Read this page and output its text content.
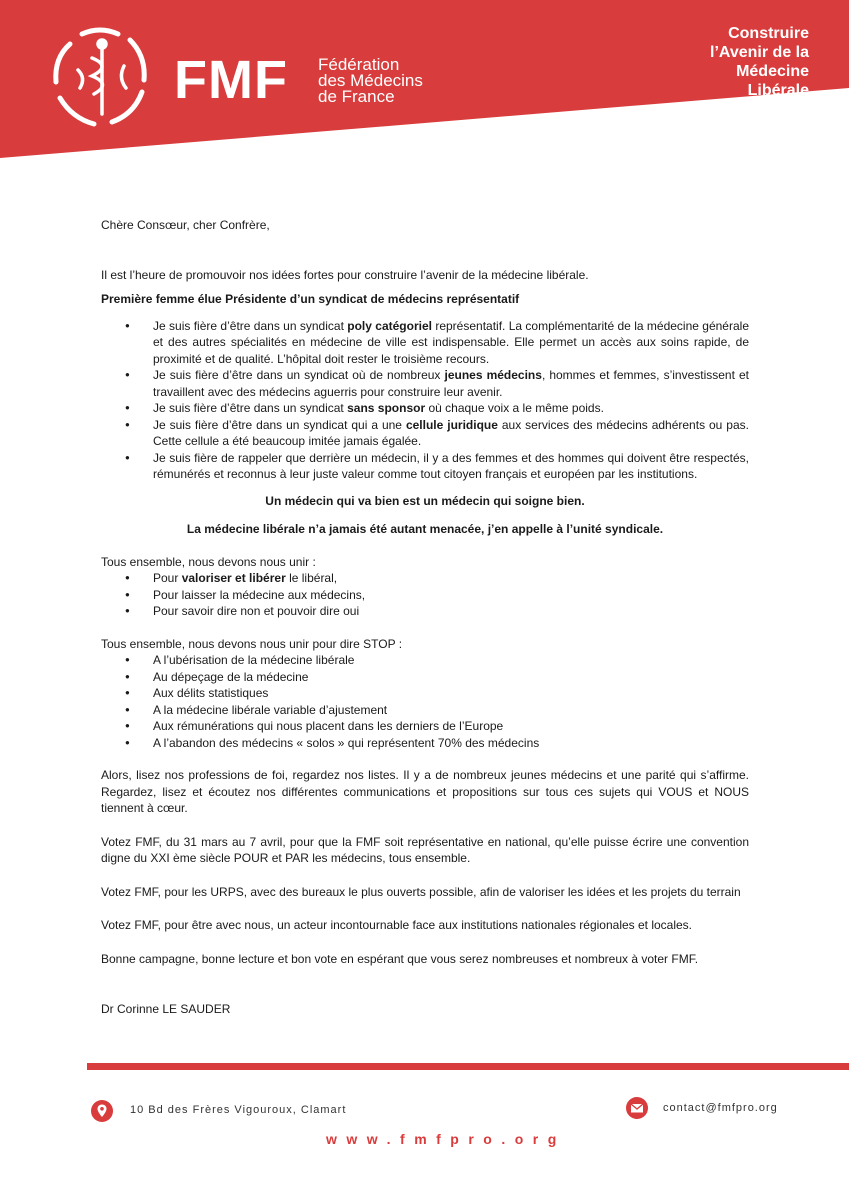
FMF Fédération
des Médecins
de France
Construire
l’Avenir de la
Médecine
Libérale

Chère Consœur, cher Confrère,

Il est l’heure de promouvoir nos idées fortes pour construire l’avenir de la médecine libérale.

Première femme élue Présidente d’un syndicat de médecins représentatif

● Je suis fière d’être dans un syndicat poly catégoriel représentatif. La complémentarité de la médecine générale et des autres spécialités en médecine de ville est indispensable. Elle permet un accès aux soins rapide, de proximité et de qualité. L’hôpital doit rester le troisième recours.
● Je suis fière d’être dans un syndicat où de nombreux jeunes médecins, hommes et femmes, s’investissent et travaillent avec des médecins aguerris pour construire leur avenir.
● Je suis fière d’être dans un syndicat sans sponsor où chaque voix a le même poids.
● Je suis fière d’être dans un syndicat qui a une cellule juridique aux services des médecins adhérents ou pas. Cette cellule a été beaucoup imitée jamais égalée.
● Je suis fière de rappeler que derrière un médecin, il y a des femmes et des hommes qui doivent être respectés, rémunérés et reconnus à leur juste valeur comme tout citoyen français et européen par les institutions.

Un médecin qui va bien est un médecin qui soigne bien.

La médecine libérale n’a jamais été autant menacée, j’en appelle à l’unité syndicale.

Tous ensemble, nous devons nous unir :

● Pour valoriser et libérer le libéral,
● Pour laisser la médecine aux médecins,
● Pour savoir dire non et pouvoir dire oui

Tous ensemble, nous devons nous unir pour dire STOP :

● A l’ubérisation de la médecine libérale
● Au dépeçage de la médecine
● Aux délits statistiques
● A la médecine libérale variable d’ajustement
● Aux rémunérations qui nous placent dans les derniers de l’Europe
● A l’abandon des médecins « solos » qui représentent 70% des médecins

Alors, lisez nos professions de foi, regardez nos listes. Il y a de nombreux jeunes médecins et une parité qui s’affirme. Regardez, lisez et écoutez nos différentes communications et propositions sur tous ces sujets qui VOUS et NOUS tiennent à cœur.

Votez FMF, du 31 mars au 7 avril, pour que la FMF soit représentative en national, qu’elle puisse écrire une convention digne du XXI ème siècle POUR et PAR les médecins, tous ensemble.

Votez FMF, pour les URPS, avec des bureaux le plus ouverts possible, afin de valoriser les idées et les projets du terrain

Votez FMF, pour être avec nous, un acteur incontournable face aux institutions nationales régionales et locales.

Bonne campagne, bonne lecture et bon vote en espérant que vous serez nombreuses et nombreux à voter FMF.

Dr Corinne LE SAUDER

10 Bd des Frères Vigouroux, Clamart	contact@fmfpro.org
www.fmfpro.org
